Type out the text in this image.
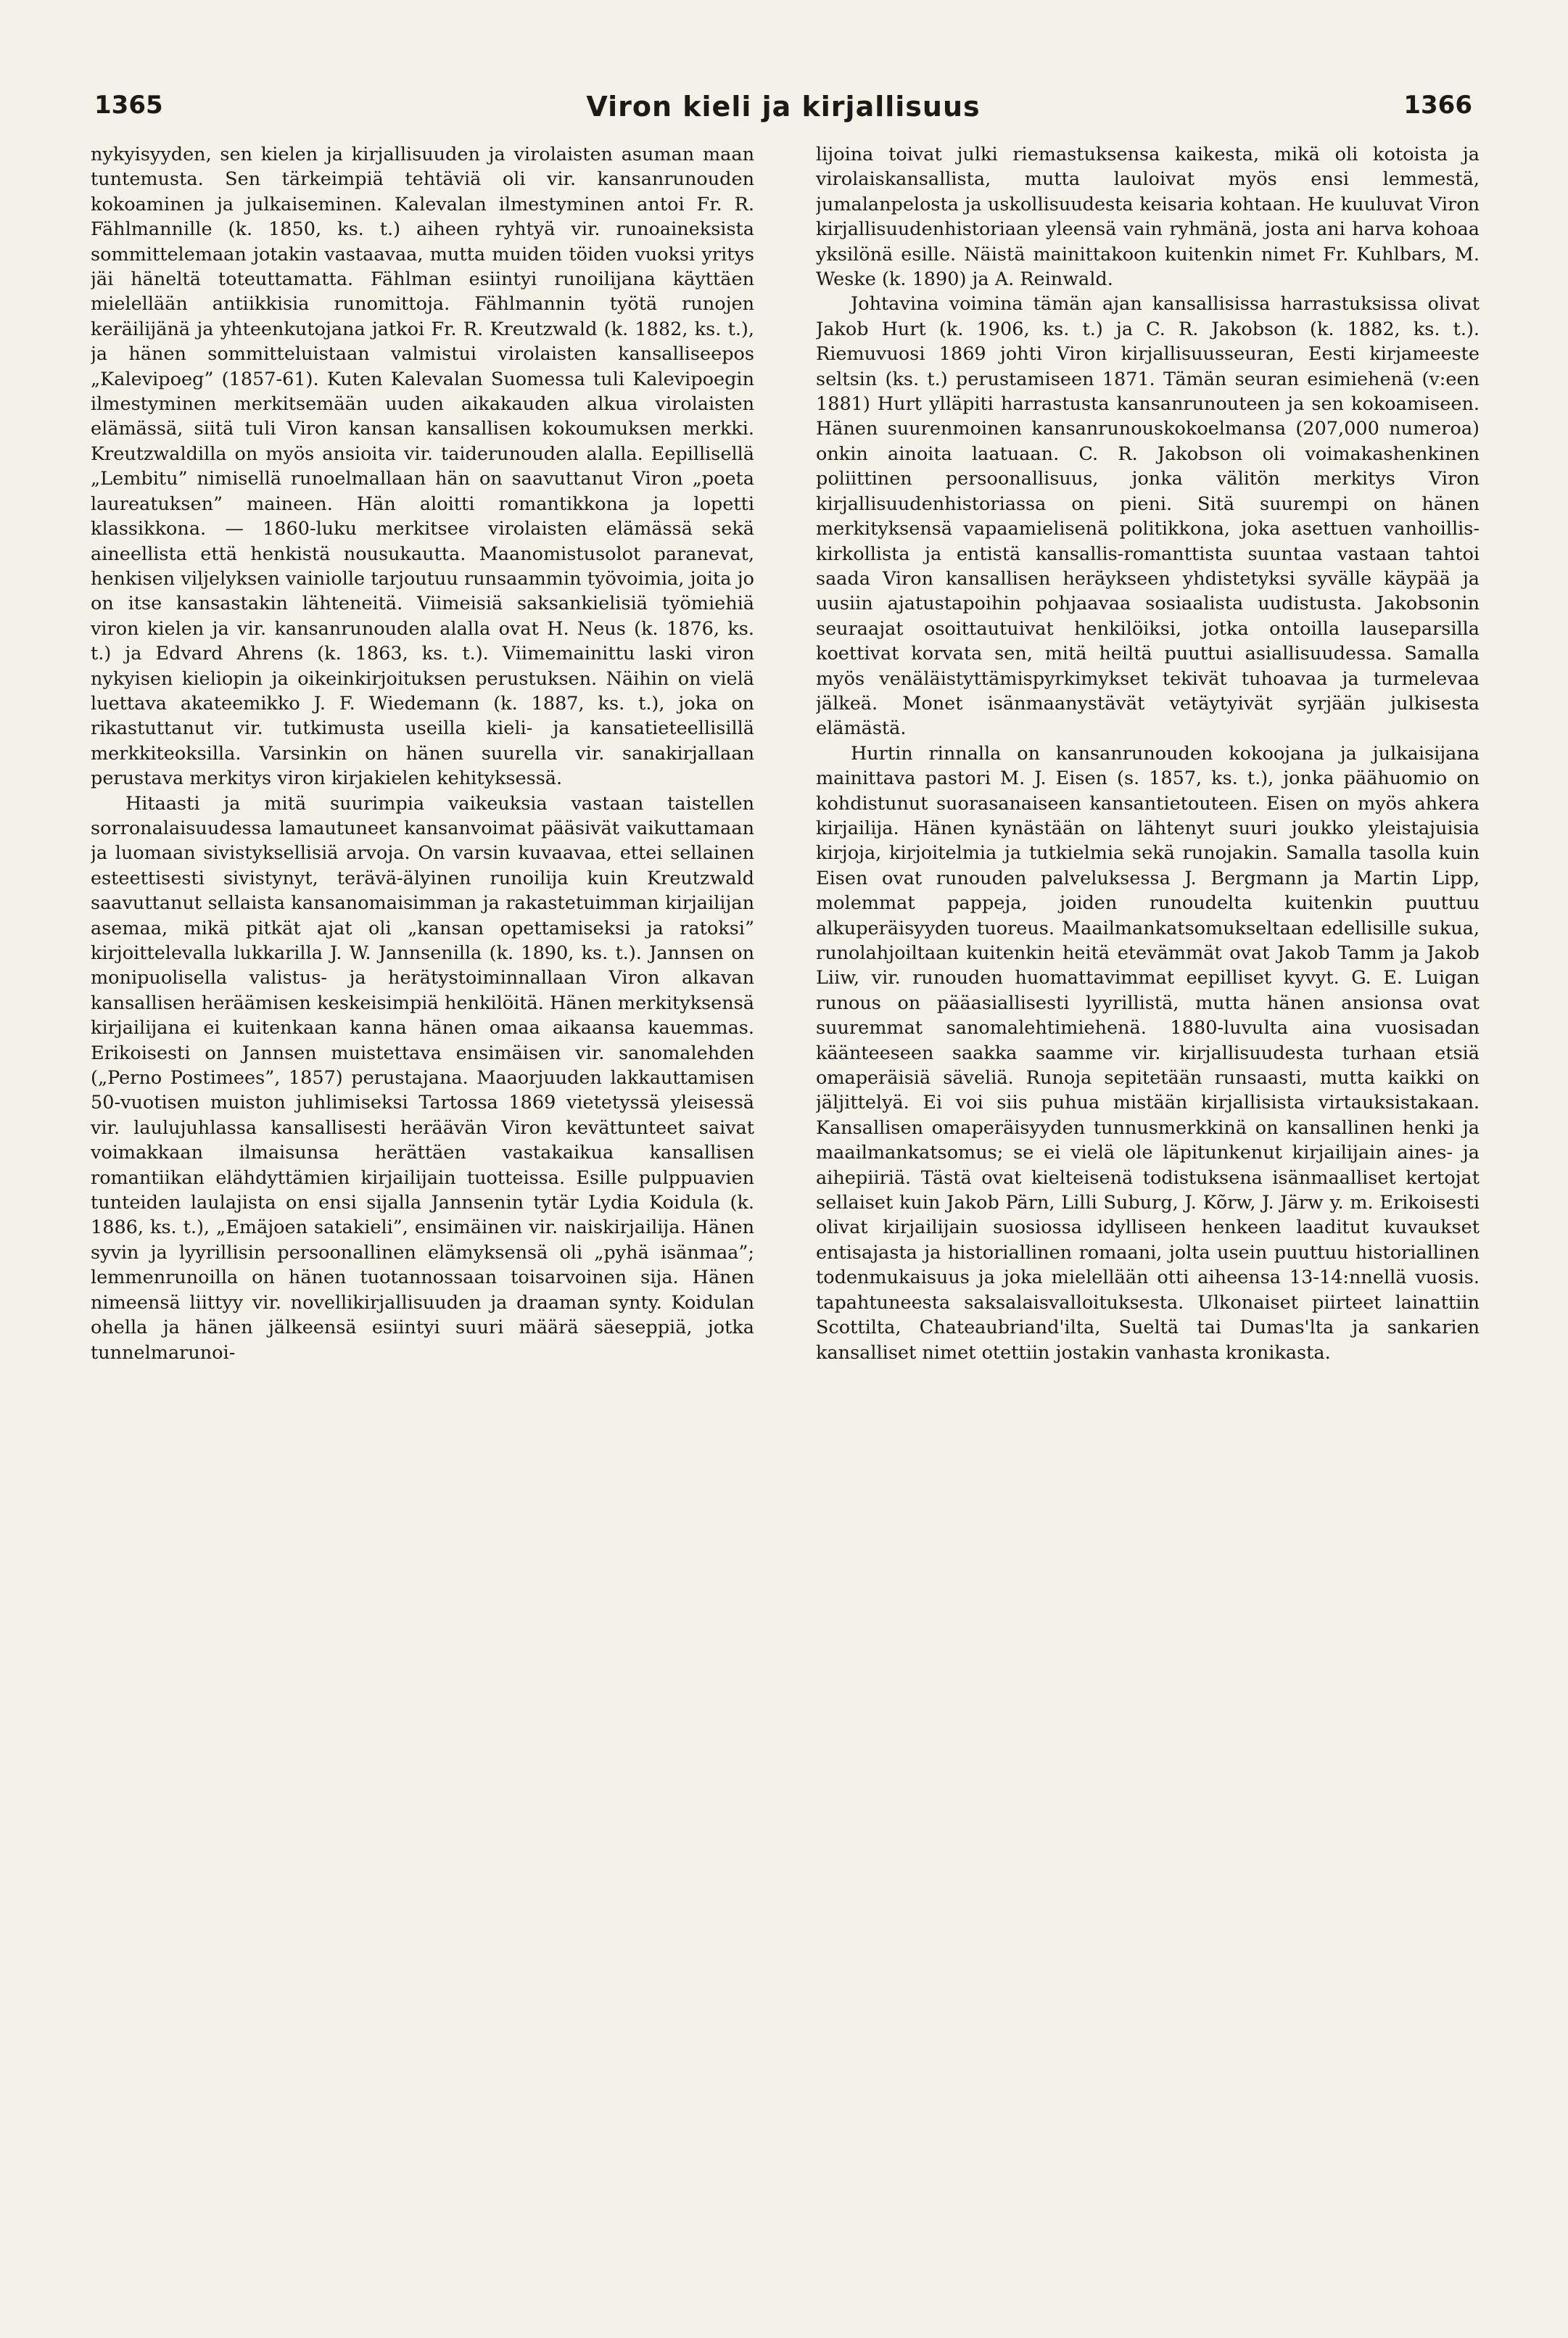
1365	Viron kieli ja kirjallisuus	1366

nykyisyyden, sen kielen ja kirjallisuuden ja virolaisten asuman maan tuntemusta. Sen tärkeimpiä tehtäviä oli vir. kansanrunouden kokoaminen ja julkaiseminen. Kalevalan ilmestyminen antoi Fr. R. Fählmannille (k. 1850, ks. t.) aiheen ryhtyä vir. runoaineksista sommittelemaan jotakin vastaavaa, mutta muiden töiden vuoksi yritys jäi häneltä toteuttamatta. Fählman esiintyi runoilijana käyttäen mielellään antiikkisia runomittoja. Fählmannin työtä runojen keräilijänä ja yhteenkutojana jatkoi Fr. R. Kreutzwald (k. 1882, ks. t.), ja hänen sommitteluistaan valmistui virolaisten kansalliseepos „Kalevipoeg” (1857-61). Kuten Kalevalan Suomessa tuli Kalevipoegin ilmestyminen merkitsemään uuden aikakauden alkua virolaisten elämässä, siitä tuli Viron kansan kansallisen kokoumuksen merkki. Kreutzwaldilla on myös ansioita vir. taiderunouden alalla. Eepillisellä „Lembitu” nimisellä runoelmallaan hän on saavuttanut Viron „poeta laureatuksen” maineen. Hän aloitti romantikkona ja lopetti klassikkona. — 1860-luku merkitsee virolaisten elämässä sekä aineellista että henkistä nousukautta. Maanomistusolot paranevat, henkisen viljelyksen vainiolle tarjoutuu runsaammin työvoimia, joita jo on itse kansastakin lähteneitä. Viimeisiä saksankielisiä työmiehiä viron kielen ja vir. kansanrunouden alalla ovat H. Neus (k. 1876, ks. t.) ja Edvard Ahrens (k. 1863, ks. t.). Viimemainittu laski viron nykyisen kieliopin ja oikeinkirjoituksen perustuksen. Näihin on vielä luettava akateemikko J. F. Wiedemann (k. 1887, ks. t.), joka on rikastuttanut vir. tutkimusta useilla kieli- ja kansatieteellisillä merkkiteoksilla. Varsinkin on hänen suurella vir. sanakirjallaan perustava merkitys viron kirjakielen kehityksessä.

Hitaasti ja mitä suurimpia vaikeuksia vastaan taistellen sorronalaisuudessa lamautuneet kansanvoimat pääsivät vaikuttamaan ja luomaan sivistyksellisiä arvoja. On varsin kuvaavaa, ettei sellainen esteettisesti sivistynyt, terävä-älyinen runoilija kuin Kreutzwald saavuttanut sellaista kansanomaisimman ja rakastetuimman kirjailijan asemaa, mikä pitkät ajat oli „kansan opettamiseksi ja ratoksi” kirjoittelevalla lukkarilla J. W. Jannsenilla (k. 1890, ks. t.). Jannsen on monipuolisella valistus- ja herätystoiminnallaan Viron alkavan kansallisen heräämisen keskeisimpiä henkilöitä. Hänen merkityksensä kirjailijana ei kuitenkaan kanna hänen omaa aikaansa kauemmas. Erikoisesti on Jannsen muistettava ensimäisen vir. sanomalehden („Perno Postimees”, 1857) perustajana. Maaorjuuden lakkauttamisen 50-vuotisen muiston juhlimiseksi Tartossa 1869 vietetyssä yleisessä vir. laulujuhlassa kansallisesti heräävän Viron kevättunteet saivat voimakkaan ilmaisunsa herättäen vastakaikua kansallisen romantiikan elähdyttämien kirjailijain tuotteissa. Esille pulppuavien tunteiden laulajista on ensi sijalla Jannsenin tytär Lydia Koidula (k. 1886, ks. t.), „Emäjoen satakieli”, ensimäinen vir. naiskirjailija. Hänen syvin ja lyyrillisin persoonallinen elämyksensä oli „pyhä isänmaa”; lemmenrunoilla on hänen tuotannossaan toisarvoinen sija. Hänen nimeensä liittyy vir. novellikirjallisuuden ja draaman synty. Koidulan ohella ja hänen jälkeensä esiintyi suuri määrä säeseppiä, jotka tunnelmarunoi-

lijoina toivat julki riemastuksensa kaikesta, mikä oli kotoista ja virolaiskansallista, mutta lauloivat myös ensi lemmestä, jumalanpelosta ja uskollisuudesta keisaria kohtaan. He kuuluvat Viron kirjallisuudenhistoriaan yleensä vain ryhmänä, josta ani harva kohoaa yksilönä esille. Näistä mainittakoon kuitenkin nimet Fr. Kuhlbars, M. Weske (k. 1890) ja A. Reinwald.

Johtavina voimina tämän ajan kansallisissa harrastuksissa olivat Jakob Hurt (k. 1906, ks. t.) ja C. R. Jakobson (k. 1882, ks. t.). Riemuvuosi 1869 johti Viron kirjallisuusseuran, Eesti kirjameeste seltsin (ks. t.) perustamiseen 1871. Tämän seuran esimiehenä (v:een 1881) Hurt ylläpiti harrastusta kansanrunouteen ja sen kokoamiseen. Hänen suurenmoinen kansanrunouskokoelmansa (207,000 numeroa) onkin ainoita laatuaan. C. R. Jakobson oli voimakashenkinen poliittinen persoonallisuus, jonka välitön merkitys Viron kirjallisuudenhistoriassa on pieni. Sitä suurempi on hänen merkityksensä vapaamielisenä politikkona, joka asettuen vanhoillis-kirkollista ja entistä kansallis-romanttista suuntaa vastaan tahtoi saada Viron kansallisen heräykseen yhdistetyksi syvälle käypää ja uusiin ajatustapoihin pohjaavaa sosiaalista uudistusta. Jakobsonin seuraajat osoittautuivat henkilöiksi, jotka ontoilla lauseparsilla koettivat korvata sen, mitä heiltä puuttui asiallisuudessa. Samalla myös venäläistyttämispyrkimykset tekivät tuhoavaa ja turmelevaa jälkeä. Monet isänmaanystävät vetäytyivät syrjään julkisesta elämästä.

Hurtin rinnalla on kansanrunouden kokoojana ja julkaisijana mainittava pastori M. J. Eisen (s. 1857, ks. t.), jonka päähuomio on kohdistunut suorasanaiseen kansantietouteen. Eisen on myös ahkera kirjailija. Hänen kynästään on lähtenyt suuri joukko yleistajuisia kirjoja, kirjoitelmia ja tutkielmia sekä runojakin. Samalla tasolla kuin Eisen ovat runouden palveluksessa J. Bergmann ja Martin Lipp, molemmat pappeja, joiden runoudelta kuitenkin puuttuu alkuperäisyyden tuoreus. Maailmankatsomukseltaan edellisille sukua, runolahjoiltaan kuitenkin heitä etevämmät ovat Jakob Tamm ja Jakob Liiw, vir. runouden huomattavimmat eepilliset kyvyt. G. E. Luigan runous on pääasiallisesti lyyrillistä, mutta hänen ansionsa ovat suuremmat sanomalehtimiehenä. 1880-luvulta aina vuosisadan käänteeseen saakka saamme vir. kirjallisuudesta turhaan etsiä omaperäisiä säveliä. Runoja sepitetään runsaasti, mutta kaikki on jäljittelyä. Ei voi siis puhua mistään kirjallisista virtauksistakaan. Kansallisen omaperäisyyden tunnusmerkkinä on kansallinen henki ja maailmankatsomus; se ei vielä ole läpitunkenut kirjailijain aines- ja aihepiiriä. Tästä ovat kielteisenä todistuksena isänmaalliset kertojat sellaiset kuin Jakob Pärn, Lilli Suburg, J. Kõrw, J. Järw y. m. Erikoisesti olivat kirjailijain suosiossa idylliseen henkeen laaditut kuvaukset entisajasta ja historiallinen romaani, jolta usein puuttuu historiallinen todenmukaisuus ja joka mielellään otti aiheensa 13-14:nnellä vuosis. tapahtuneesta saksalaisvalloituksesta. Ulkonaiset piirteet lainattiin Scottilta, Chateaubriand'ilta, Sueltä tai Dumas'lta ja sankarien kansalliset nimet otettiin jostakin vanhasta kronikasta.
